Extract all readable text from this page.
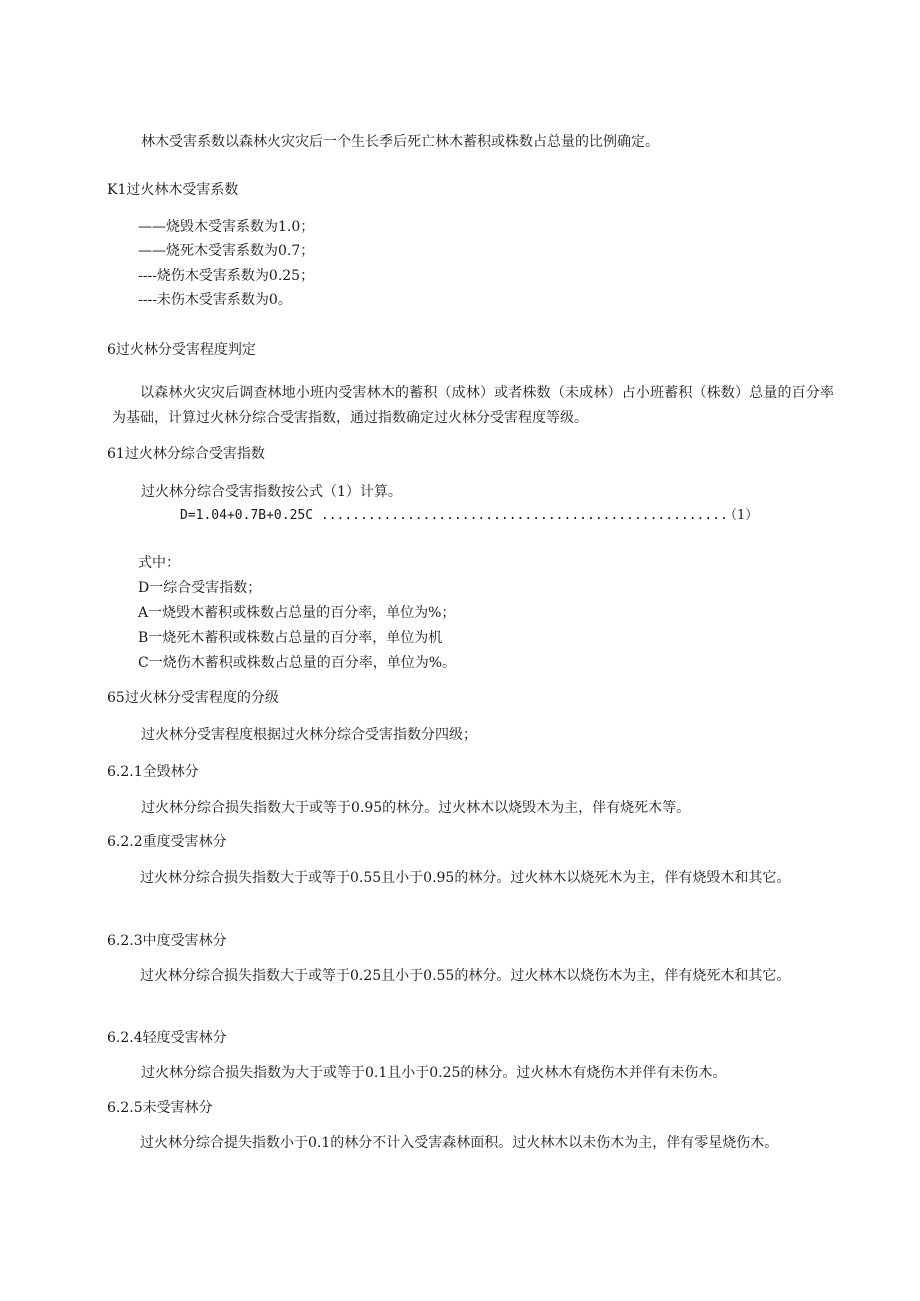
林木受害系数以森林火灾灾后一个生长季后死亡林木蓄积或株数占总量的比例确定。
K1过火林木受害系数
——烧毁木受害系数为1.0；
——烧死木受害系数为0.7；
----烧伤木受害系数为0.25；
----未伤木受害系数为0。
6过火林分受害程度判定
以森林火灾灾后调查林地小班内受害林木的蓄积（成林）或者株数（未成林）占小班蓄积（株数）总量的百分率为基础，计算过火林分综合受害指数，通过指数确定过火林分受害程度等级。
61过火林分综合受害指数
过火林分综合受害指数按公式（1）计算。
D=1.04+0.7B+0.25C ....................................................
（1）
式中：
D一综合受害指数；
A一烧毁木蓄积或株数占总量的百分率，单位为%；
B一烧死木蓄积或株数占总量的百分率，单位为机
C一烧伤木蓄积或株数占总量的百分率，单位为%。
65过火林分受害程度的分级
过火林分受害程度根据过火林分综合受害指数分四级；
6.2.1全毁林分
过火林分综合损失指数大于或等于0.95的林分。过火林木以烧毁木为主，伴有烧死木等。
6.2.2重度受害林分
过火林分综合损失指数大于或等于0.55且小于0.95的林分。过火林木以烧死木为主，伴有烧毁木和其它。
6.2.3中度受害林分
过火林分综合损失指数大于或等于0.25且小于0.55的林分。过火林木以烧伤木为主，伴有烧死木和其它。
6.2.4轻度受害林分
过火林分综合损失指数为大于或等于0.1且小于0.25的林分。过火林木有烧伤木并伴有未伤木。
6.2.5未受害林分
过火林分综合提失指数小于0.1的林分不计入受害森林面积。过火林木以未伤木为主，伴有零星烧伤木。
